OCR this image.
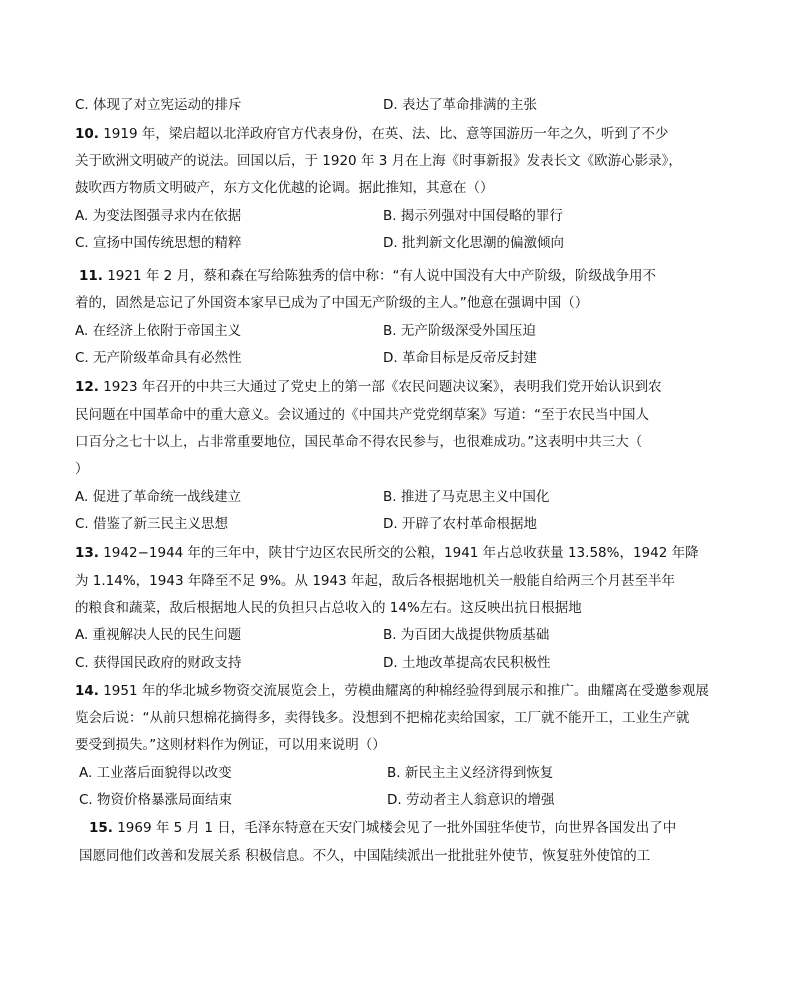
C. 体现了对立宪运动的排斥	D. 表达了革命排满的主张
10. 1919 年，梁启超以北洋政府官方代表身份，在英、法、比、意等国游历一年之久，听到了不少
关于欧洲文明破产的说法。回国以后，于 1920 年 3 月在上海《时事新报》发表长文《欧游心影录》，
鼓吹西方物质文明破产，东方文化优越的论调。据此推知，其意在（）
A. 为变法图强寻求内在依据	B. 揭示列强对中国侵略的罪行
C. 宣扬中国传统思想的精粹	D. 批判新文化思潮的偏激倾向
11. 1921 年 2 月，蔡和森在写给陈独秀的信中称：“有人说中国没有大中产阶级，阶级战争用不
着的，固然是忘记了外国资本家早已成为了中国无产阶级的主人。”他意在强调中国（）
A. 在经济上依附于帝国主义	B. 无产阶级深受外国压迫
C. 无产阶级革命具有必然性	D. 革命目标是反帝反封建
12. 1923 年召开的中共三大通过了党史上的第一部《农民问题决议案》，表明我们党开始认识到农
民问题在中国革命中的重大意义。会议通过的《中国共产党党纲草案》写道：“至于农民当中国人
口百分之七十以上，占非常重要地位，国民革命不得农民参与，也很难成功。”这表明中共三大（
）
A. 促进了革命统一战线建立	B. 推进了马克思主义中国化
C. 借鉴了新三民主义思想	D. 开辟了农村革命根据地
13. 1942−1944 年的三年中，陕甘宁边区农民所交的公粮，1941 年占总收获量 13.58%，1942 年降
为 1.14%，1943 年降至不足 9%。从 1943 年起，敌后各根据地机关一般能自给两三个月甚至半年
的粮食和蔬菜，敌后根据地人民的负担只占总收入的 14%左右。这反映出抗日根据地
A. 重视解决人民的民生问题	B. 为百团大战提供物质基础
C. 获得国民政府的财政支持	D. 土地改革提高农民积极性
14. 1951 年的华北城乡物资交流展览会上，劳模曲耀离的种棉经验得到展示和推广。曲耀离在受邀参观展
览会后说：“从前只想棉花摘得多，卖得钱多。没想到不把棉花卖给国家，工厂就不能开工，工业生产就
要受到损失。”这则材料作为例证，可以用来说明（）
A. 工业落后面貌得以改变	B. 新民主主义经济得到恢复
C. 物资价格暴涨局面结束	D. 劳动者主人翁意识的增强
15. 1969 年 5 月 1 日，毛泽东特意在天安门城楼会见了一批外国驻华使节，向世界各国发出了中
国愿同他们改善和发展关系 积极信息。不久，中国陆续派出一批批驻外使节，恢复驻外使馆的工
